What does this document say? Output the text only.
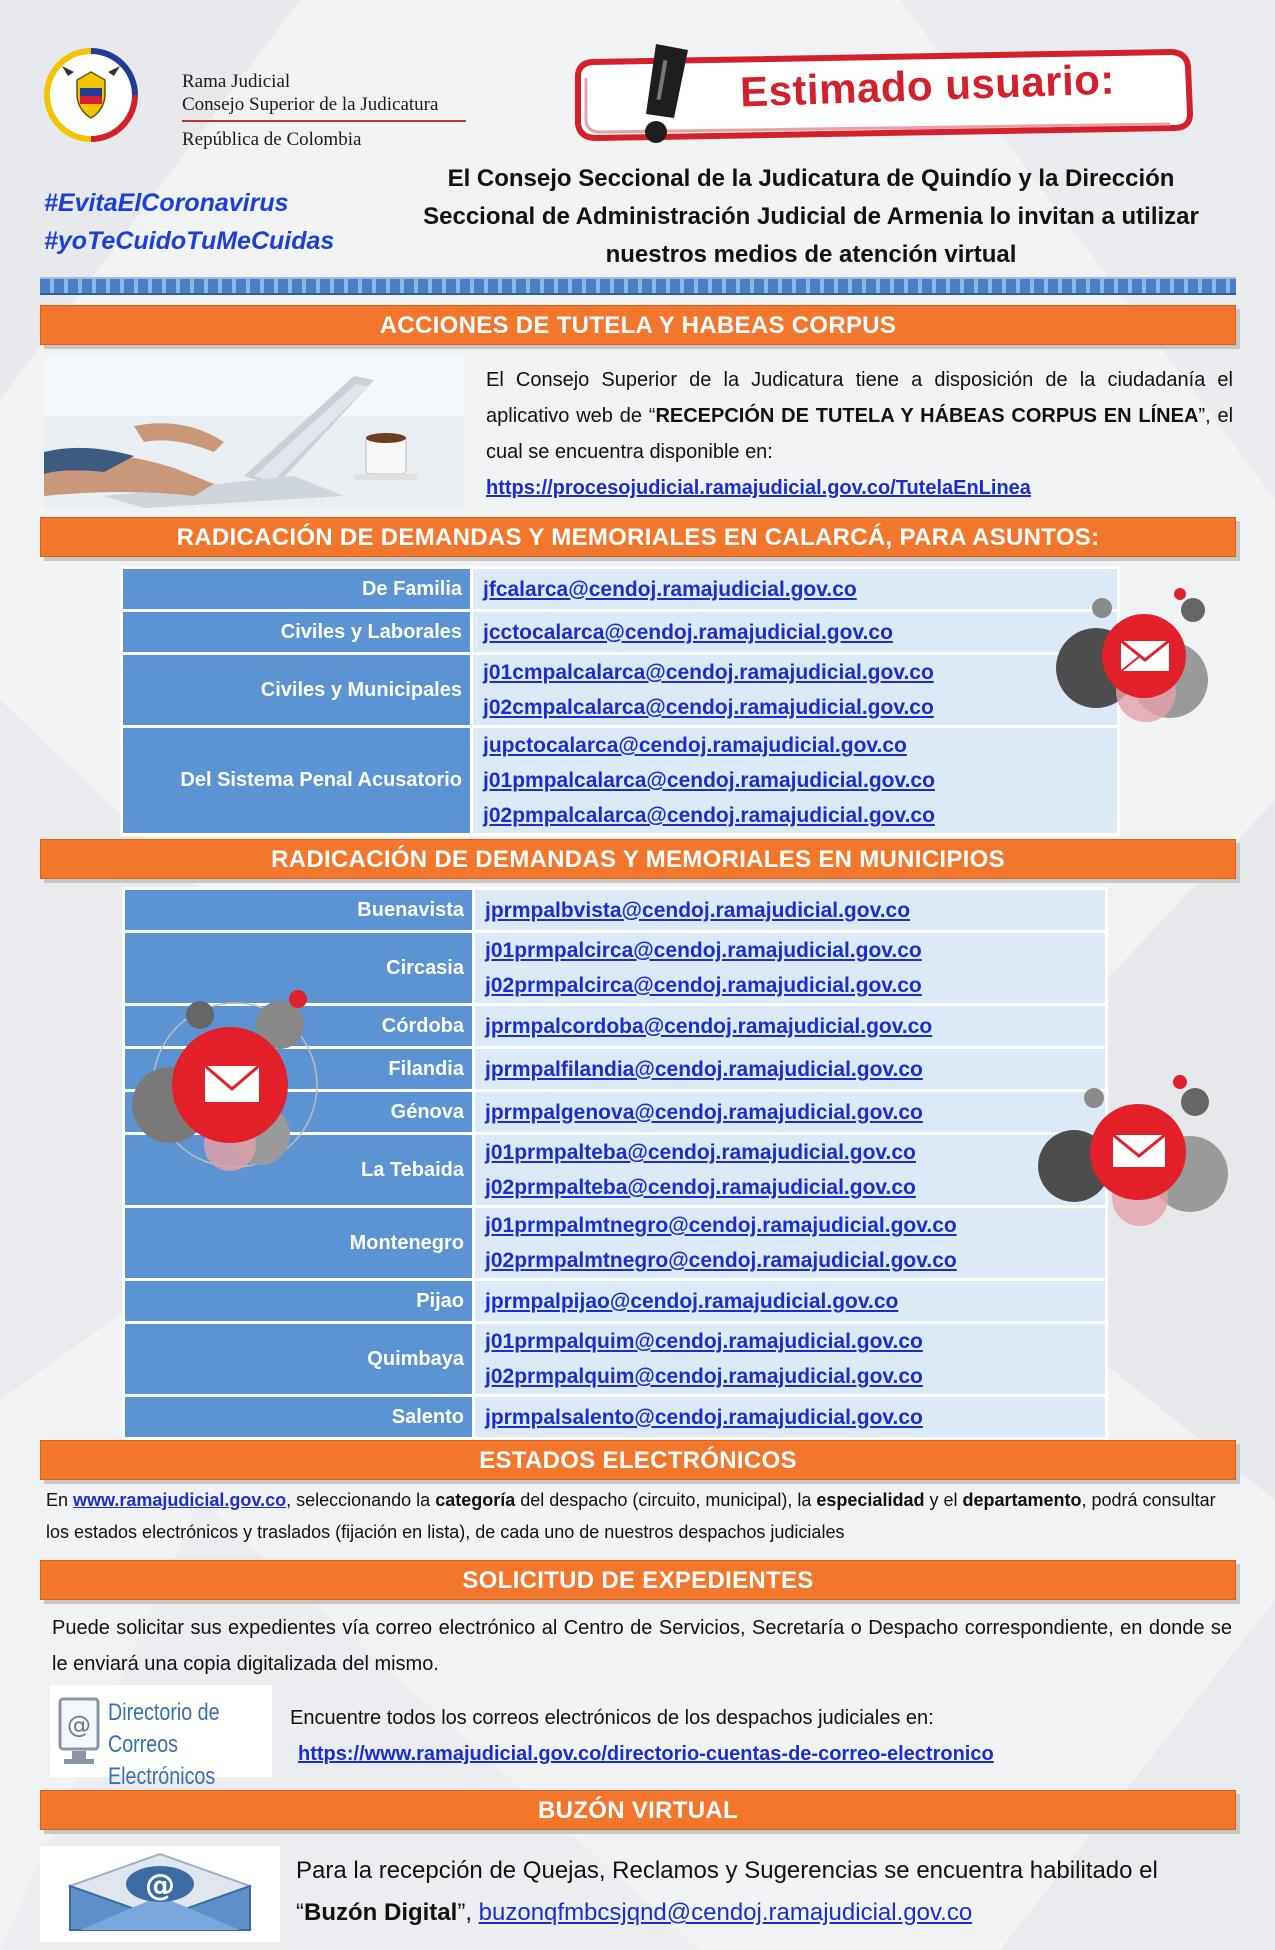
Rama Judicial
Consejo Superior de la Judicatura
República de Colombia
#EvitaElCoronavirus
#yoTeCuidoTuMeCuidas
Estimado usuario:
El Consejo Seccional de la Judicatura de Quindío y la Dirección
Seccional de Administración Judicial de Armenia lo invitan a utilizar
nuestros medios de atención virtual
ACCIONES DE TUTELA Y HABEAS CORPUS
El Consejo Superior de la Judicatura tiene a disposición de la ciudadanía el aplicativo web de “RECEPCIÓN DE TUTELA Y HÁBEAS CORPUS EN LÍNEA”, el cual se encuentra disponible en:
https://procesojudicial.ramajudicial.gov.co/TutelaEnLinea
RADICACIÓN DE DEMANDAS Y MEMORIALES EN CALARCÁ, PARA ASUNTOS:
De Familia	jfcalarca@cendoj.ramajudicial.gov.co

Civiles y Laborales	jcctocalarca@cendoj.ramajudicial.gov.co

Civiles y Municipales	j01cmpalcalarca@cendoj.ramajudicial.gov.co
j02cmpalcalarca@cendoj.ramajudicial.gov.co

Del Sistema Penal Acusatorio	jupctocalarca@cendoj.ramajudicial.gov.co
j01pmpalcalarca@cendoj.ramajudicial.gov.co
j02pmpalcalarca@cendoj.ramajudicial.gov.co
RADICACIÓN DE DEMANDAS Y MEMORIALES EN MUNICIPIOS
Buenavista	jprmpalbvista@cendoj.ramajudicial.gov.co

Circasia	j01prmpalcirca@cendoj.ramajudicial.gov.co
j02prmpalcirca@cendoj.ramajudicial.gov.co

Córdoba	jprmpalcordoba@cendoj.ramajudicial.gov.co

Filandia	jprmpalfilandia@cendoj.ramajudicial.gov.co

Génova	jprmpalgenova@cendoj.ramajudicial.gov.co

La Tebaida	j01prmpalteba@cendoj.ramajudicial.gov.co
j02prmpalteba@cendoj.ramajudicial.gov.co

Montenegro	j01prmpalmtnegro@cendoj.ramajudicial.gov.co
j02prmpalmtnegro@cendoj.ramajudicial.gov.co

Pijao	jprmpalpijao@cendoj.ramajudicial.gov.co

Quimbaya	j01prmpalquim@cendoj.ramajudicial.gov.co
j02prmpalquim@cendoj.ramajudicial.gov.co

Salento	jprmpalsalento@cendoj.ramajudicial.gov.co
ESTADOS ELECTRÓNICOS
En www.ramajudicial.gov.co, seleccionando la categoría del despacho (circuito, municipal), la especialidad y el departamento, podrá consultar los estados electrónicos y traslados (fijación en lista), de cada uno de nuestros despachos judiciales
SOLICITUD DE EXPEDIENTES
Puede solicitar sus expedientes vía correo electrónico al Centro de Servicios, Secretaría o Despacho correspondiente, en donde se le enviará una copia digitalizada del mismo.
@ Directorio de Correos
Electrónicos
Encuentre todos los correos electrónicos de los despachos judiciales en:
https://www.ramajudicial.gov.co/directorio-cuentas-de-correo-electronico
BUZÓN VIRTUAL
@	Para la recepción de Quejas, Reclamos y Sugerencias se encuentra habilitado el “Buzón Digital”, buzonqfmbcsjqnd@cendoj.ramajudicial.gov.co
